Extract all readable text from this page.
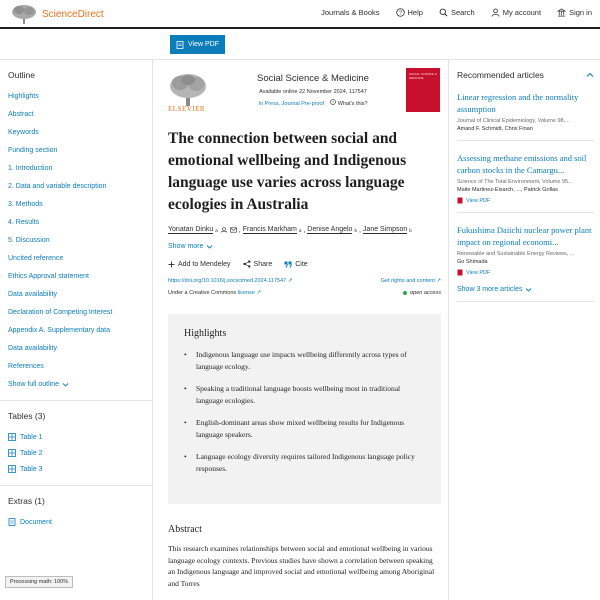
ScienceDirect	Journals & Books	? Help	Search	My account	Sign in
View PDF
Outline
Highlights
Abstract
Keywords
Funding section
1. Introduction
2. Data and variable description
3. Methods
4. Results
5. Discussion
Uncited reference
Ethics Approval statement
Data availability
Declaration of Competing Interest
Appendix A. Supplementary data
Data availability
References
Show full outline
Tables (3)
Table 1
Table 2
Table 3
Extras (1)
Document
ELSEVIER
Social Science & Medicine
Available online 22 November 2024, 117547
In Press, Journal Pre-proof ? What's this?
SOCIAL SCIENCE & MEDICINE
The connection between social and emotional wellbeing and Indigenous language use varies across language ecologies in Australia
Yonatan Dinku a	, Francis Markham a , Denise Angelo b , Jane Simpson b
Show more
Add to Mendeley	Share	Cite
https://doi.org/10.1016/j.socscimed.2024.117547 ↗	Get rights and content ↗
Under a Creative Commons license ↗	open access
Highlights
• Indigenous language use impacts wellbeing differently across types of language ecology.
• Speaking a traditional language boosts wellbeing most in traditional language ecologies.
• English-dominant areas show mixed wellbeing results for Indigenous language speakers.
• Language ecology diversity requires tailored Indigenous language policy responses.
Abstract

This research examines relationships between social and emotional wellbeing in various language ecology contexts. Previous studies have shown a correlation between speaking an Indigenous language and improved social and emotional wellbeing among Aboriginal and Torres

Recommended articles
Linear regression and the normality assumption
Journal of Clinical Epidemiology, Volume 98,...
Amand F. Schmidt, Chris Finan
Assessing methane emissions and soil carbon stocks in the Camargu...
Science of The Total Environment, Volume 95...
Maite Martinez-Eixarch, ..., Patrick Grillas
View PDF
Fukushima Daiichi nuclear power plant impact on regional economi...
Renewable and Sustainable Energy Reviews, ...
Go Shimada
View PDF
Show 3 more articles
Processing math: 100%
